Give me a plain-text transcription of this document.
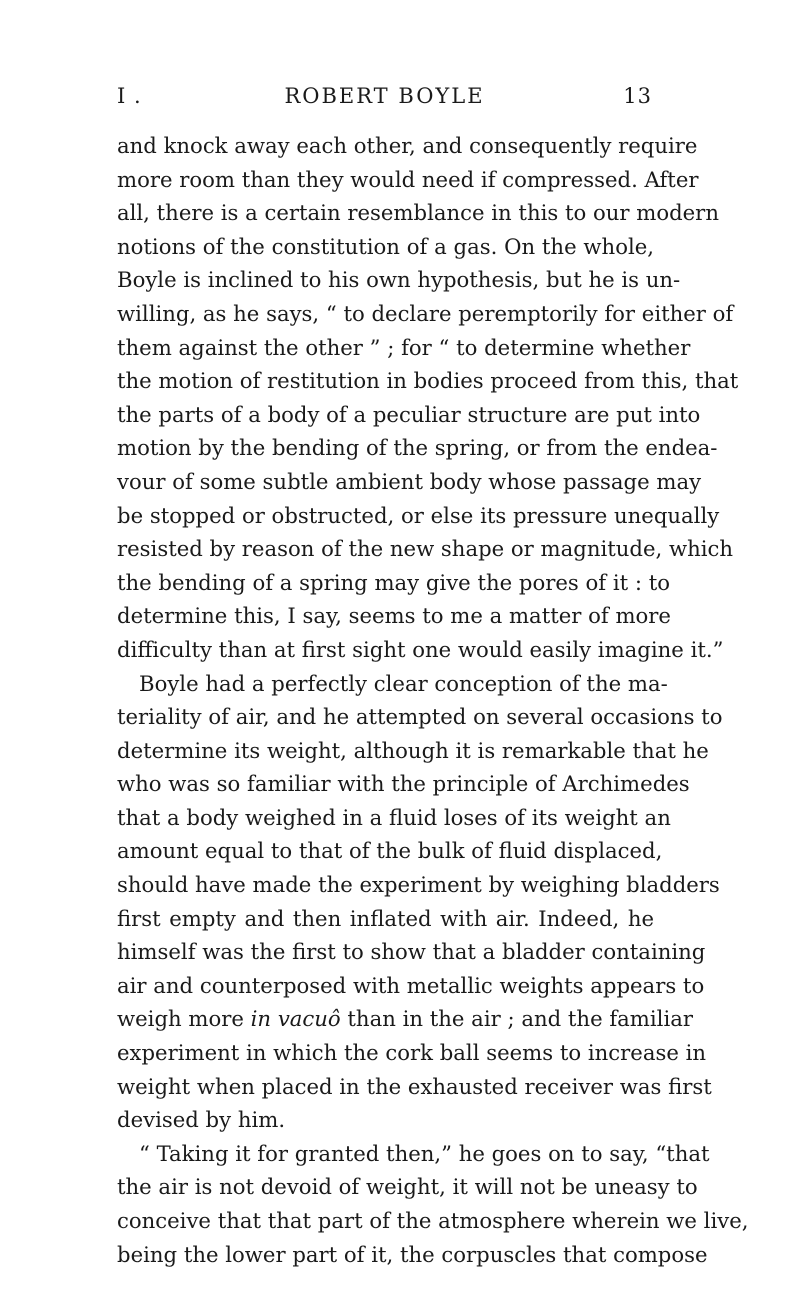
I .	ROBERT BOYLE	13
and knock away each other, and consequently require
more room than they would need if compressed. After
all, there is a certain resemblance in this to our modern
notions of the constitution of a gas. On the whole,
Boyle is inclined to his own hypothesis, but he is un-
willing, as he says, “ to declare peremptorily for either of
them against the other ” ; for “ to determine whether
the motion of restitution in bodies proceed from this, that
the parts of a body of a peculiar structure are put into
motion by the bending of the spring, or from the endea-
vour of some subtle ambient body whose passage may
be stopped or obstructed, or else its pressure unequally
resisted by reason of the new shape or magnitude, which
the bending of a spring may give the pores of it : to
determine this, I say, seems to me a matter of more
difficulty than at first sight one would easily imagine it.”
Boyle had a perfectly clear conception of the ma-
teriality of air, and he attempted on several occasions to
determine its weight, although it is remarkable that he
who was so familiar with the principle of Archimedes
that a body weighed in a fluid loses of its weight an
amount equal to that of the bulk of fluid displaced,
should have made the experiment by weighing bladders
first empty and then inflated with air. Indeed, he
himself was the first to show that a bladder containing
air and counterposed with metallic weights appears to
weigh more in vacuô than in the air ; and the familiar
experiment in which the cork ball seems to increase in
weight when placed in the exhausted receiver was first
devised by him.
“ Taking it for granted then,” he goes on to say, “that
the air is not devoid of weight, it will not be uneasy to
conceive that that part of the atmosphere wherein we live,
being the lower part of it, the corpuscles that compose
